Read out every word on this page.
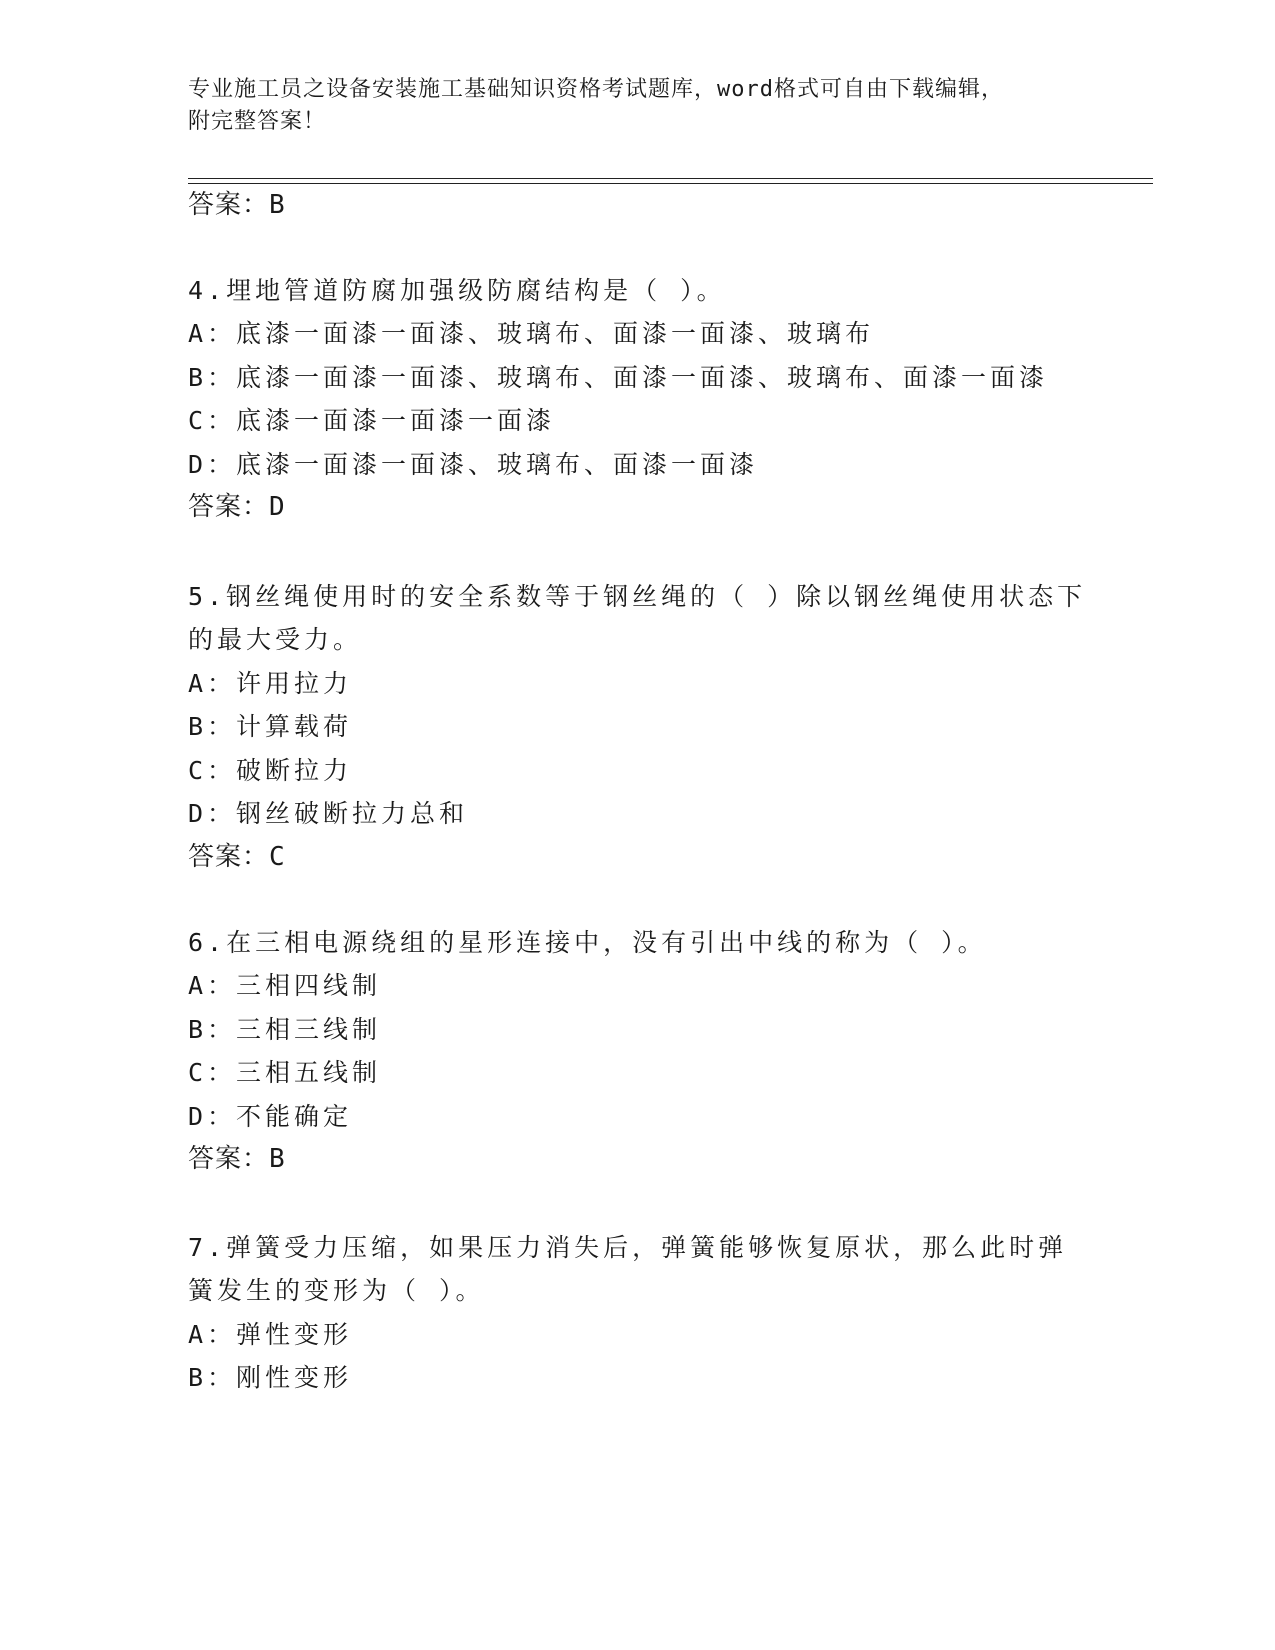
专业施工员之设备安装施工基础知识资格考试题库，word格式可自由下载编辑，
附完整答案！
答案：B
4.埋地管道防腐加强级防腐结构是（ ）。
A：底漆一面漆一面漆、玻璃布、面漆一面漆、玻璃布
B：底漆一面漆一面漆、玻璃布、面漆一面漆、玻璃布、面漆一面漆
C：底漆一面漆一面漆一面漆
D：底漆一面漆一面漆、玻璃布、面漆一面漆
答案：D
5.钢丝绳使用时的安全系数等于钢丝绳的（ ）除以钢丝绳使用状态下
的最大受力。
A：许用拉力
B：计算载荷
C：破断拉力
D：钢丝破断拉力总和
答案：C
6.在三相电源绕组的星形连接中，没有引出中线的称为（ ）。
A：三相四线制
B：三相三线制
C：三相五线制
D：不能确定
答案：B
7.弹簧受力压缩，如果压力消失后，弹簧能够恢复原状，那么此时弹
簧发生的变形为（ ）。
A：弹性变形
B：刚性变形
